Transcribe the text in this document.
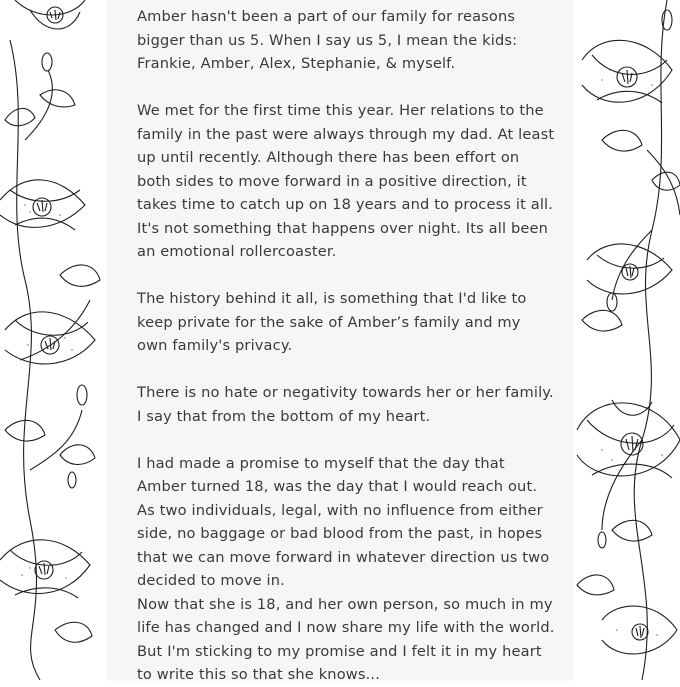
Amber hasn't been a part of our family for reasons
bigger than us 5. When I say us 5, I mean the kids:
Frankie, Amber, Alex, Stephanie, & myself.

We met for the first time this year. Her relations to the
family in the past were always through my dad. At least
up until recently. Although there has been effort on
both sides to move forward in a positive direction, it
takes time to catch up on 18 years and to process it all.
It's not something that happens over night. Its all been
an emotional rollercoaster.

The history behind it all, is something that I'd like to
keep private for the sake of Amber’s family and my
own family's privacy.

There is no hate or negativity towards her or her family.
I say that from the bottom of my heart.

I had made a promise to myself that the day that
Amber turned 18, was the day that I would reach out.
As two individuals, legal, with no influence from either
side, no baggage or bad blood from the past, in hopes
that we can move forward in whatever direction us two
decided to move in.

Now that she is 18, and her own person, so much in my
life has changed and I now share my life with the world.
But I'm sticking to my promise and I felt it in my heart
to write this so that she knows...
